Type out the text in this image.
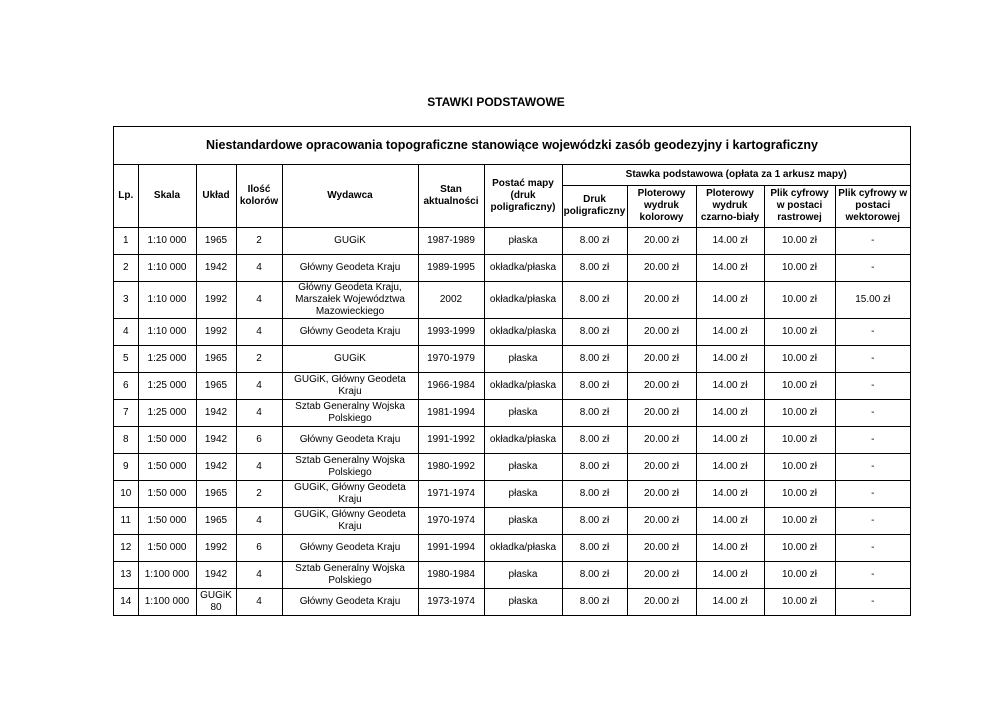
STAWKI PODSTAWOWE
Niestandardowe opracowania topograficzne stanowiące wojewódzki zasób geodezyjny i kartograficzny
Lp.	Skala	Układ	Ilość kolorów	Wydawca	Stan aktualności	Postać mapy (druk poligraficzny)	Stawka podstawowa (opłata za 1 arkusz mapy)				
							Druk poligraficzny	Ploterowy wydruk kolorowy	Ploterowy wydruk czarno-biały	Plik cyfrowy w postaci rastrowej	Plik cyfrowy w postaci wektorowej
1	1:10 000	1965	2	GUGiK	1987-1989	płaska	8.00 zł	20.00 zł	14.00 zł	10.00 zł	-
2	1:10 000	1942	4	Główny Geodeta Kraju	1989-1995	okładka/płaska	8.00 zł	20.00 zł	14.00 zł	10.00 zł	-
3	1:10 000	1992	4	Główny Geodeta Kraju, Marszałek Województwa Mazowieckiego	2002	okładka/płaska	8.00 zł	20.00 zł	14.00 zł	10.00 zł	15.00 zł
4	1:10 000	1992	4	Główny Geodeta Kraju	1993-1999	okładka/płaska	8.00 zł	20.00 zł	14.00 zł	10.00 zł	-
5	1:25 000	1965	2	GUGiK	1970-1979	płaska	8.00 zł	20.00 zł	14.00 zł	10.00 zł	-
6	1:25 000	1965	4	GUGiK, Główny Geodeta Kraju	1966-1984	okładka/płaska	8.00 zł	20.00 zł	14.00 zł	10.00 zł	-
7	1:25 000	1942	4	Sztab Generalny Wojska Polskiego	1981-1994	płaska	8.00 zł	20.00 zł	14.00 zł	10.00 zł	-
8	1:50 000	1942	6	Główny Geodeta Kraju	1991-1992	okładka/płaska	8.00 zł	20.00 zł	14.00 zł	10.00 zł	-
9	1:50 000	1942	4	Sztab Generalny Wojska Polskiego	1980-1992	płaska	8.00 zł	20.00 zł	14.00 zł	10.00 zł	-
10	1:50 000	1965	2	GUGiK, Główny Geodeta Kraju	1971-1974	płaska	8.00 zł	20.00 zł	14.00 zł	10.00 zł	-
11	1:50 000	1965	4	GUGiK, Główny Geodeta Kraju	1970-1974	płaska	8.00 zł	20.00 zł	14.00 zł	10.00 zł	-
12	1:50 000	1992	6	Główny Geodeta Kraju	1991-1994	okładka/płaska	8.00 zł	20.00 zł	14.00 zł	10.00 zł	-
13	1:100 000	1942	4	Sztab Generalny Wojska Polskiego	1980-1984	płaska	8.00 zł	20.00 zł	14.00 zł	10.00 zł	-
14	1:100 000	GUGiK 80	4	Główny Geodeta Kraju	1973-1974	płaska	8.00 zł	20.00 zł	14.00 zł	10.00 zł	-
